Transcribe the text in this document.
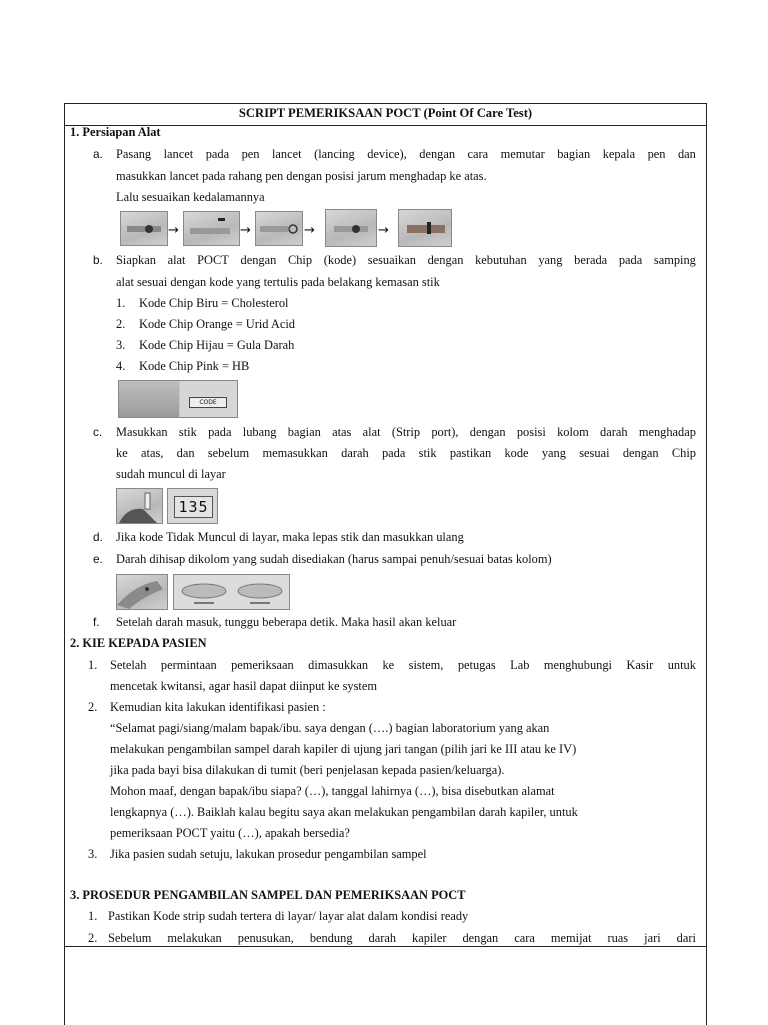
SCRIPT PEMERIKSAAN POCT (Point Of Care Test)
1. Persiapan Alat
a. Pasang lancet pada pen lancet (lancing device), dengan cara memutar bagian kepala pen dan
masukkan lancet pada rahang pen dengan posisi jarum menghadap ke atas.
Lalu sesuaikan kedalamannya
→	→	→	→
b. Siapkan alat POCT dengan Chip (kode) sesuaikan dengan kebutuhan yang berada pada samping
alat sesuai dengan kode yang tertulis pada belakang kemasan stik
1. Kode Chip Biru = Cholesterol
2. Kode Chip Orange = Urid Acid
3. Kode Chip Hijau = Gula Darah
4. Kode Chip Pink = HB
CODE
c. Masukkan stik pada lubang bagian atas alat (Strip port), dengan posisi kolom darah menghadap
ke atas, dan sebelum memasukkan darah pada stik pastikan kode yang sesuai dengan Chip
sudah muncul di layar
135
d. Jika kode Tidak Muncul di layar, maka lepas stik dan masukkan ulang
e. Darah dihisap dikolom yang sudah disediakan (harus sampai penuh/sesuai batas kolom)
f. Setelah darah masuk, tunggu beberapa detik. Maka hasil akan keluar
2. KIE KEPADA PASIEN
1. Setelah permintaan pemeriksaan dimasukkan ke sistem, petugas Lab menghubungi Kasir untuk
mencetak kwitansi, agar hasil dapat diinput ke system
2. Kemudian kita lakukan identifikasi pasien :
“Selamat pagi/siang/malam bapak/ibu. saya dengan (….) bagian laboratorium yang akan
melakukan pengambilan sampel darah kapiler di ujung jari tangan (pilih jari ke III atau ke IV)
jika pada bayi bisa dilakukan di tumit (beri penjelasan kepada pasien/keluarga).
Mohon maaf, dengan bapak/ibu siapa? (…), tanggal lahirnya (…), bisa disebutkan alamat
lengkapnya (…). Baiklah kalau begitu saya akan melakukan pengambilan darah kapiler, untuk
pemeriksaan POCT yaitu (…), apakah bersedia?
3. Jika pasien sudah setuju, lakukan prosedur pengambilan sampel
3. PROSEDUR PENGAMBILAN SAMPEL DAN PEMERIKSAAN POCT
1. Pastikan Kode strip sudah tertera di layar/ layar alat dalam kondisi ready
2. Sebelum melakukan penusukan, bendung darah kapiler dengan cara memijat ruas jari dari
